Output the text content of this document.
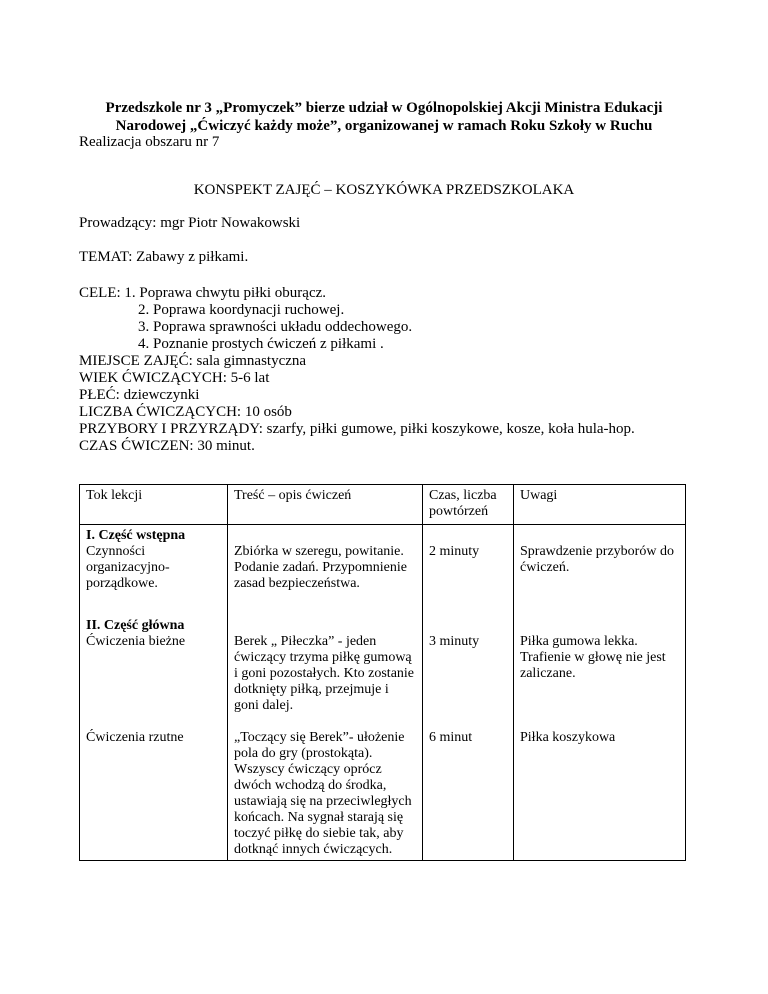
Przedszkole nr 3 „Promyczek” bierze udział w Ogólnopolskiej Akcji Ministra Edukacji
Narodowej „Ćwiczyć każdy może”, organizowanej w ramach Roku Szkoły w Ruchu
Realizacja obszaru nr 7
KONSPEKT ZAJĘĆ – KOSZYKÓWKA PRZEDSZKOLAKA
Prowadzący: mgr Piotr Nowakowski
TEMAT: Zabawy z piłkami.
CELE: 1. Poprawa chwytu piłki oburącz.
2. Poprawa koordynacji ruchowej.
3. Poprawa sprawności układu oddechowego.
4. Poznanie prostych ćwiczeń z piłkami .
MIEJSCE ZAJĘĆ: sala gimnastyczna
WIEK ĆWICZĄCYCH: 5-6 lat
PŁEĆ: dziewczynki
LICZBA ĆWICZĄCYCH: 10 osób
PRZYBORY I PRZYRZĄDY: szarfy, piłki gumowe, piłki koszykowe, kosze, koła hula-hop.
CZAS ĆWICZEN: 30 minut.
Tok lekcji	Treść – opis ćwiczeń	Czas, liczba powtórzeń	Uwagi
I. Część wstępna
Czynności organizacyjno-porządkowe.	Zbiórka w szeregu, powitanie. Podanie zadań. Przypomnienie zasad bezpieczeństwa.	2 minuty	Sprawdzenie przyborów do ćwiczeń.
II. Część główna
Ćwiczenia bieżne	Berek „ Piłeczka” - jeden ćwiczący trzyma piłkę gumową i goni pozostałych. Kto zostanie dotknięty piłką, przejmuje i goni dalej.	3 minuty	Piłka gumowa lekka. Trafienie w głowę nie jest zaliczane.
Ćwiczenia rzutne	„Toczący się Berek”- ułożenie pola do gry (prostokąta). Wszyscy ćwiczący oprócz dwóch wchodzą do środka, ustawiają się na przeciwległych końcach. Na sygnał starają się toczyć piłkę do siebie tak, aby dotknąć innych ćwiczących.	6 minut	Piłka koszykowa
